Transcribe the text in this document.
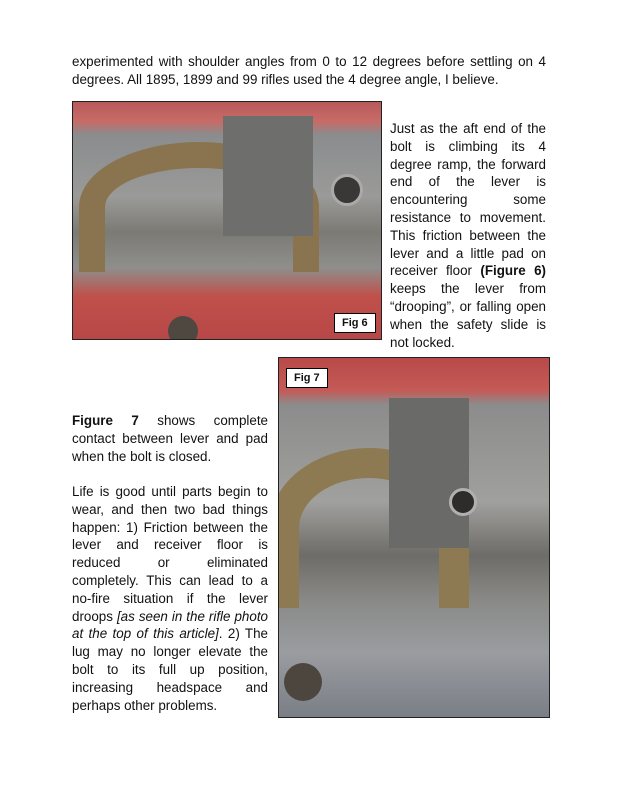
experimented with shoulder angles from 0 to 12 degrees before settling on 4 degrees. All 1895, 1899 and 99 rifles used the 4 degree angle, I believe.
Fig 6
Just as the aft end of the bolt is climbing its 4 degree ramp, the forward end of the lever is encountering some resistance to movement. This friction between the lever and a little pad on receiver floor (Figure 6) keeps the lever from “drooping”, or falling open when the safety slide is not locked.
Fig 7
Figure 7 shows complete contact between lever and pad when the bolt is closed.
Life is good until parts begin to wear, and then two bad things happen: 1) Friction between the lever and receiver floor is reduced or eliminated completely. This can lead to a no-fire situation if the lever droops [as seen in the rifle photo at the top of this article]. 2) The lug may no longer elevate the bolt to its full up position, increasing headspace and perhaps other problems.
